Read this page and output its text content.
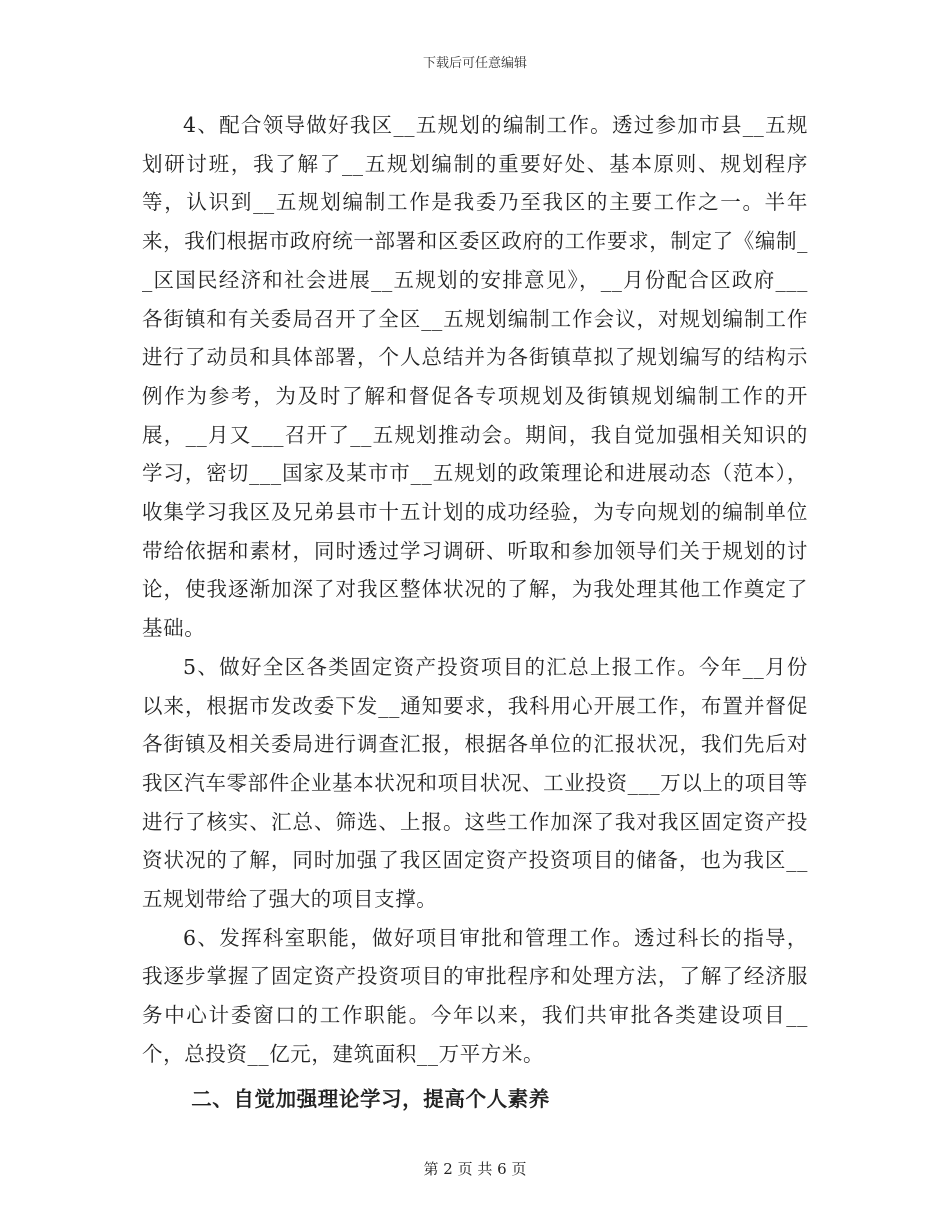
下载后可任意编辑

4、配合领导做好我区__五规划的编制工作。透过参加市县__五规划研讨班，我了解了__五规划编制的重要好处、基本原则、规划程序等，认识到__五规划编制工作是我委乃至我区的主要工作之一。半年来，我们根据市政府统一部署和区委区政府的工作要求，制定了《编制__区国民经济和社会进展__五规划的安排意见》，__月份配合区政府___各街镇和有关委局召开了全区__五规划编制工作会议，对规划编制工作进行了动员和具体部署，个人总结并为各街镇草拟了规划编写的结构示例作为参考，为及时了解和督促各专项规划及街镇规划编制工作的开展，__月又___召开了__五规划推动会。期间，我自觉加强相关知识的学习，密切___国家及某市市__五规划的政策理论和进展动态（范本），收集学习我区及兄弟县市十五计划的成功经验，为专向规划的编制单位带给依据和素材，同时透过学习调研、听取和参加领导们关于规划的讨论，使我逐渐加深了对我区整体状况的了解，为我处理其他工作奠定了基础。

5、做好全区各类固定资产投资项目的汇总上报工作。今年__月份以来，根据市发改委下发__通知要求，我科用心开展工作，布置并督促各街镇及相关委局进行调查汇报，根据各单位的汇报状况，我们先后对我区汽车零部件企业基本状况和项目状况、工业投资___万以上的项目等进行了核实、汇总、筛选、上报。这些工作加深了我对我区固定资产投资状况的了解，同时加强了我区固定资产投资项目的储备，也为我区__五规划带给了强大的项目支撑。

6、发挥科室职能，做好项目审批和管理工作。透过科长的指导，我逐步掌握了固定资产投资项目的审批程序和处理方法，了解了经济服务中心计委窗口的工作职能。今年以来，我们共审批各类建设项目__个，总投资__亿元，建筑面积__万平方米。

二、自觉加强理论学习，提高个人素养

第 2 页 共 6 页
